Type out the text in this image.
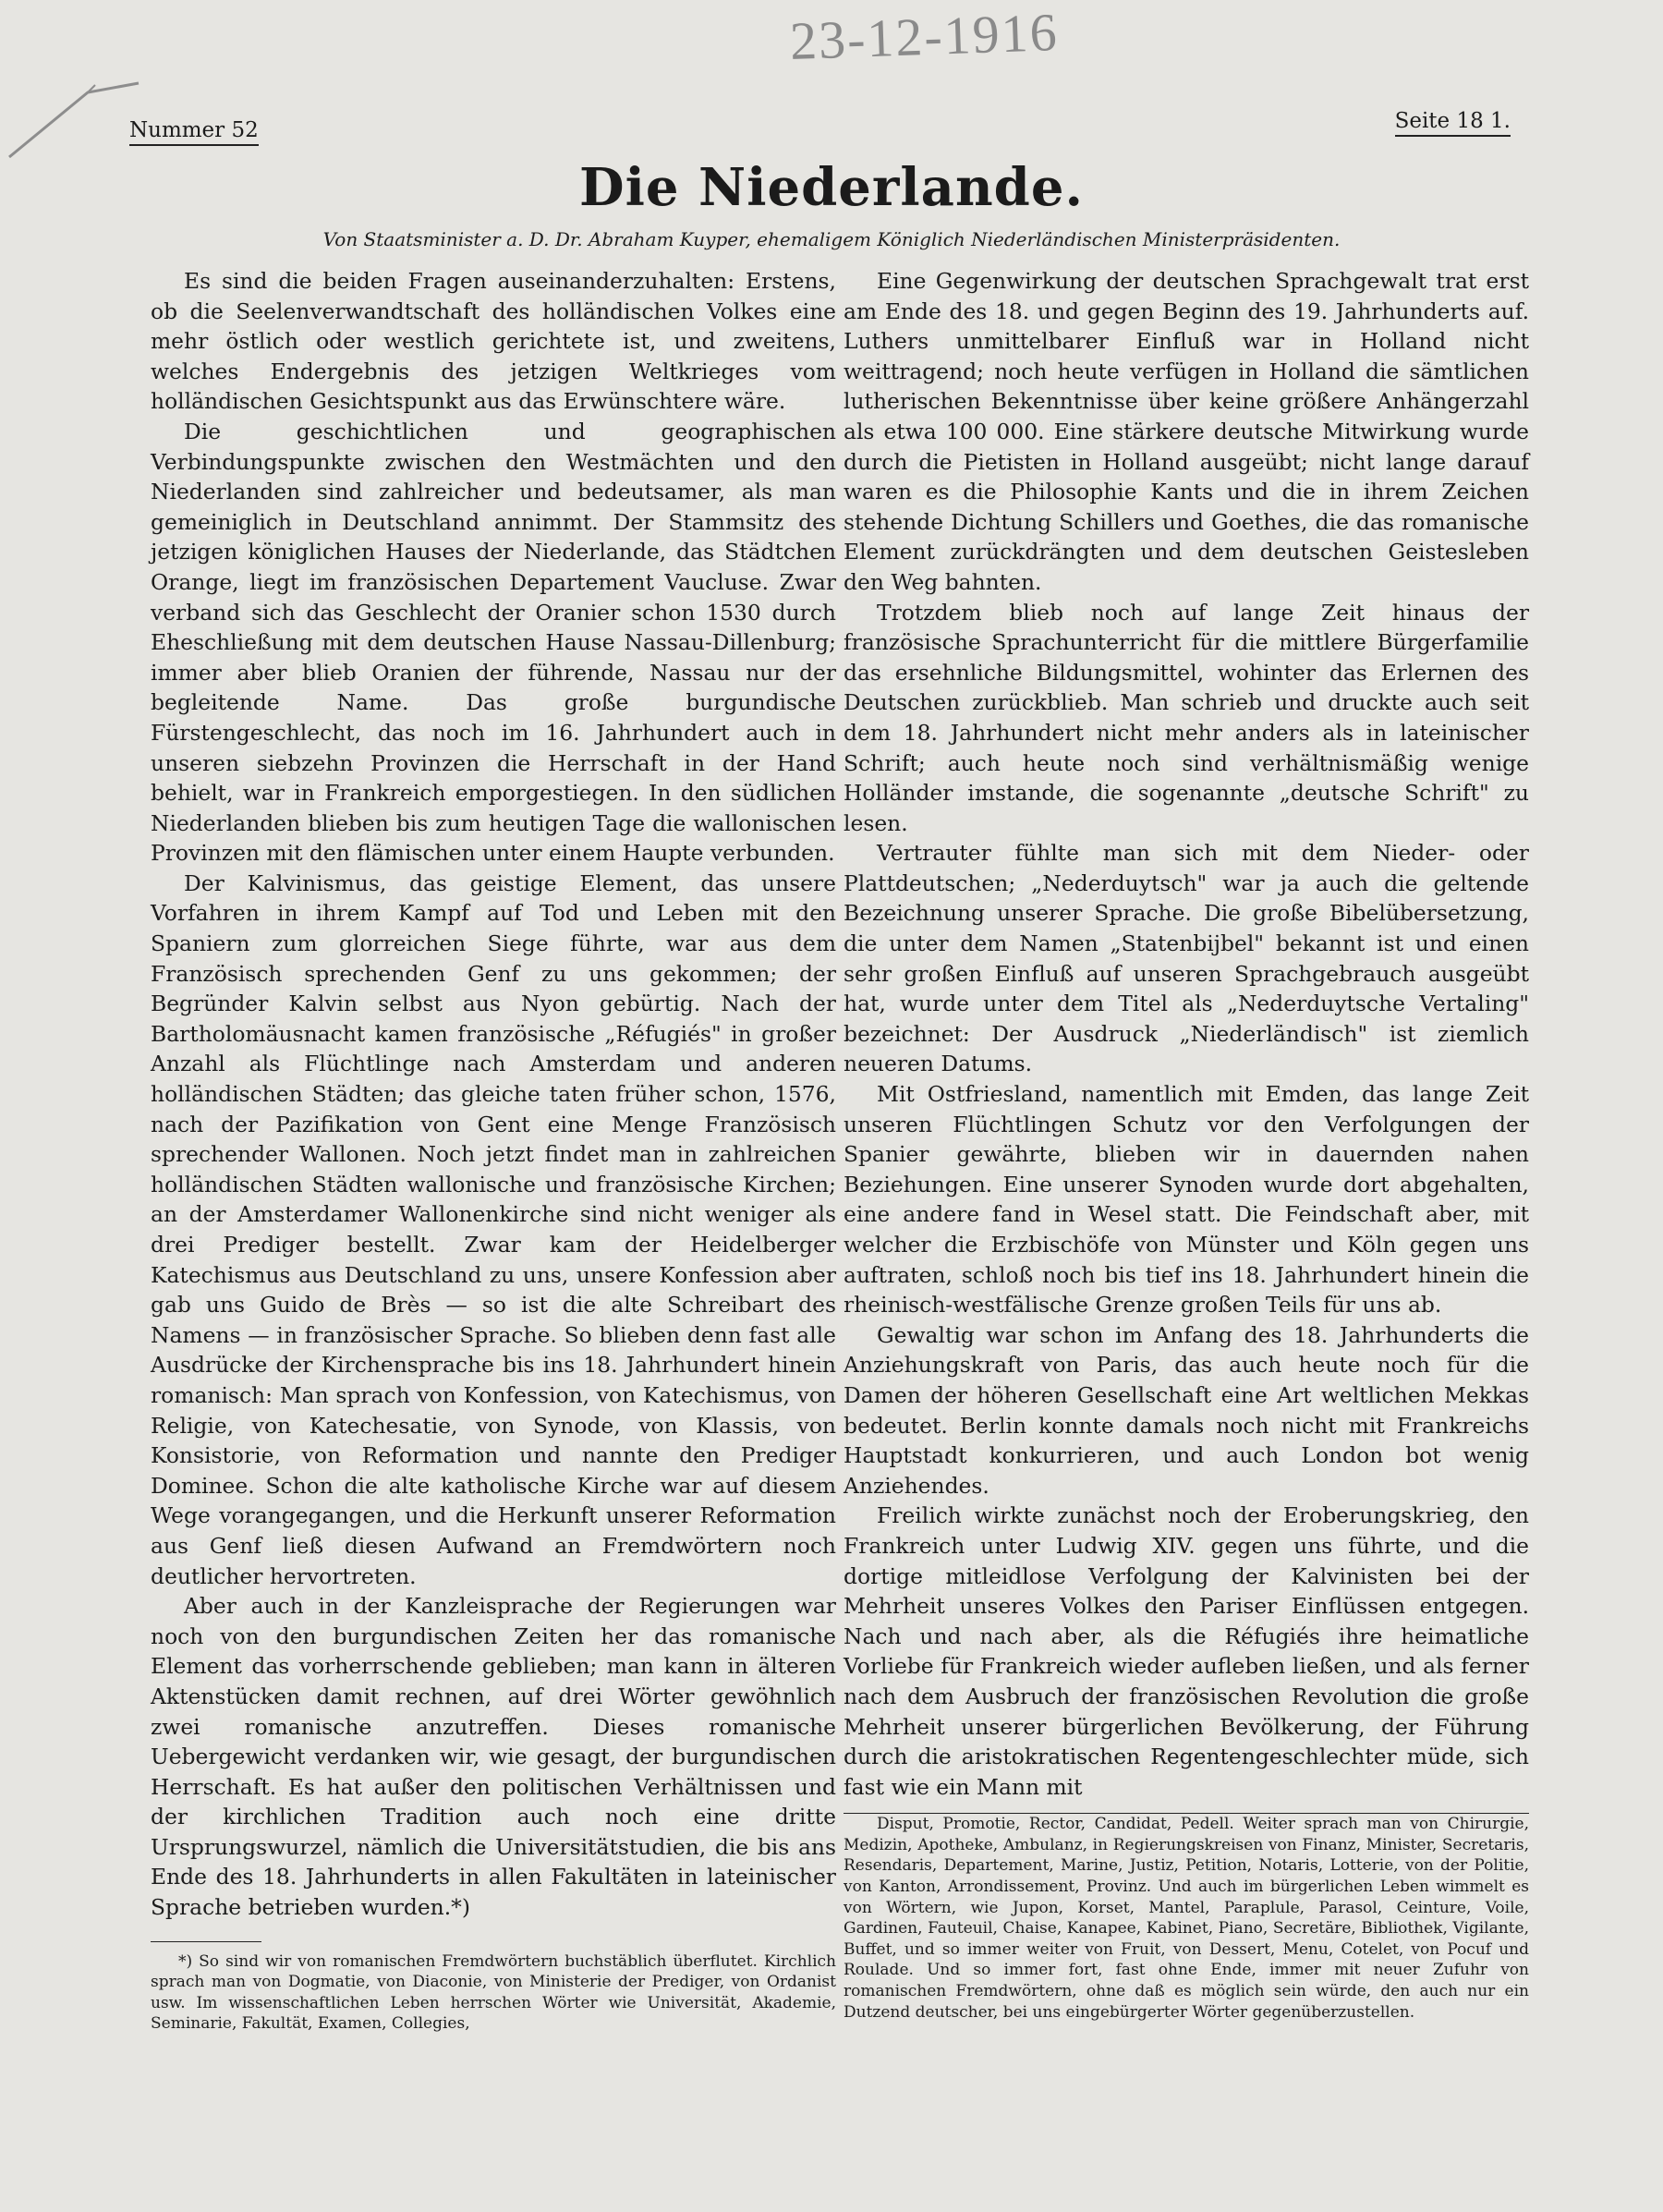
23-12-1916
Nummer 52	Seite 18 1.
Die Niederlande.
Von Staatsminister a. D. Dr. Abraham Kuyper, ehemaligem Königlich Niederländischen Ministerpräsidenten.

Es sind die beiden Fragen auseinanderzuhalten: Erstens, ob die Seelenverwandtschaft des holländischen Volkes eine mehr östlich oder westlich gerichtete ist, und zweitens, welches Endergebnis des jetzigen Weltkrieges vom holländischen Gesichtspunkt aus das Erwünschtere wäre.

Die geschichtlichen und geographischen Verbindungspunkte zwischen den Westmächten und den Niederlanden sind zahlreicher und bedeutsamer, als man gemeiniglich in Deutschland annimmt. Der Stammsitz des jetzigen königlichen Hauses der Niederlande, das Städtchen Orange, liegt im französischen Departement Vaucluse. Zwar verband sich das Geschlecht der Oranier schon 1530 durch Eheschließung mit dem deutschen Hause Nassau-Dillenburg; immer aber blieb Oranien der führende, Nassau nur der begleitende Name. Das große burgundische Fürstengeschlecht, das noch im 16. Jahrhundert auch in unseren siebzehn Provinzen die Herrschaft in der Hand behielt, war in Frankreich emporgestiegen. In den südlichen Niederlanden blieben bis zum heutigen Tage die wallonischen Provinzen mit den flämischen unter einem Haupte verbunden.

Der Kalvinismus, das geistige Element, das unsere Vorfahren in ihrem Kampf auf Tod und Leben mit den Spaniern zum glorreichen Siege führte, war aus dem Französisch sprechenden Genf zu uns gekommen; der Begründer Kalvin selbst aus Nyon gebürtig. Nach der Bartholomäusnacht kamen französische „Réfugiés" in großer Anzahl als Flüchtlinge nach Amsterdam und anderen holländischen Städten; das gleiche taten früher schon, 1576, nach der Pazifikation von Gent eine Menge Französisch sprechender Wallonen. Noch jetzt findet man in zahlreichen holländischen Städten wallonische und französische Kirchen; an der Amsterdamer Wallonenkirche sind nicht weniger als drei Prediger bestellt. Zwar kam der Heidelberger Katechismus aus Deutschland zu uns, unsere Konfession aber gab uns Guido de Brès — so ist die alte Schreibart des Namens — in französischer Sprache. So blieben denn fast alle Ausdrücke der Kirchensprache bis ins 18. Jahrhundert hinein romanisch: Man sprach von Konfession, von Katechismus, von Religie, von Katechesatie, von Synode, von Klassis, von Konsistorie, von Reformation und nannte den Prediger Dominee. Schon die alte katholische Kirche war auf diesem Wege vorangegangen, und die Herkunft unserer Reformation aus Genf ließ diesen Aufwand an Fremdwörtern noch deutlicher hervortreten.

Aber auch in der Kanzleisprache der Regierungen war noch von den burgundischen Zeiten her das romanische Element das vorherrschende geblieben; man kann in älteren Aktenstücken damit rechnen, auf drei Wörter gewöhnlich zwei romanische anzutreffen. Dieses romanische Uebergewicht verdanken wir, wie gesagt, der burgundischen Herrschaft. Es hat außer den politischen Verhältnissen und der kirchlichen Tradition auch noch eine dritte Ursprungswurzel, nämlich die Universitätstudien, die bis ans Ende des 18. Jahrhunderts in allen Fakultäten in lateinischer Sprache betrieben wurden.*)

*) So sind wir von romanischen Fremdwörtern buchstäblich überflutet. Kirchlich sprach man von Dogmatie, von Diaconie, von Ministerie der Prediger, von Ordanist usw. Im wissenschaftlichen Leben herrschen Wörter wie Universität, Akademie, Seminarie, Fakultät, Examen, Collegies,

Eine Gegenwirkung der deutschen Sprachgewalt trat erst am Ende des 18. und gegen Beginn des 19. Jahrhunderts auf. Luthers unmittelbarer Einfluß war in Holland nicht weittragend; noch heute verfügen in Holland die sämtlichen lutherischen Bekenntnisse über keine größere Anhängerzahl als etwa 100 000. Eine stärkere deutsche Mitwirkung wurde durch die Pietisten in Holland ausgeübt; nicht lange darauf waren es die Philosophie Kants und die in ihrem Zeichen stehende Dichtung Schillers und Goethes, die das romanische Element zurückdrängten und dem deutschen Geistesleben den Weg bahnten.

Trotzdem blieb noch auf lange Zeit hinaus der französische Sprachunterricht für die mittlere Bürgerfamilie das ersehnliche Bildungsmittel, wohinter das Erlernen des Deutschen zurückblieb. Man schrieb und druckte auch seit dem 18. Jahrhundert nicht mehr anders als in lateinischer Schrift; auch heute noch sind verhältnismäßig wenige Holländer imstande, die sogenannte „deutsche Schrift" zu lesen.

Vertrauter fühlte man sich mit dem Nieder- oder Plattdeutschen; „Nederduytsch" war ja auch die geltende Bezeichnung unserer Sprache. Die große Bibelübersetzung, die unter dem Namen „Statenbijbel" bekannt ist und einen sehr großen Einfluß auf unseren Sprachgebrauch ausgeübt hat, wurde unter dem Titel als „Nederduytsche Vertaling" bezeichnet: Der Ausdruck „Niederländisch" ist ziemlich neueren Datums.

Mit Ostfriesland, namentlich mit Emden, das lange Zeit unseren Flüchtlingen Schutz vor den Verfolgungen der Spanier gewährte, blieben wir in dauernden nahen Beziehungen. Eine unserer Synoden wurde dort abgehalten, eine andere fand in Wesel statt. Die Feindschaft aber, mit welcher die Erzbischöfe von Münster und Köln gegen uns auftraten, schloß noch bis tief ins 18. Jahrhundert hinein die rheinisch-westfälische Grenze großen Teils für uns ab.

Gewaltig war schon im Anfang des 18. Jahrhunderts die Anziehungskraft von Paris, das auch heute noch für die Damen der höheren Gesellschaft eine Art weltlichen Mekkas bedeutet. Berlin konnte damals noch nicht mit Frankreichs Hauptstadt konkurrieren, und auch London bot wenig Anziehendes.

Freilich wirkte zunächst noch der Eroberungskrieg, den Frankreich unter Ludwig XIV. gegen uns führte, und die dortige mitleidlose Verfolgung der Kalvinisten bei der Mehrheit unseres Volkes den Pariser Einflüssen entgegen. Nach und nach aber, als die Réfugiés ihre heimatliche Vorliebe für Frankreich wieder aufleben ließen, und als ferner nach dem Ausbruch der französischen Revolution die große Mehrheit unserer bürgerlichen Bevölkerung, der Führung durch die aristokratischen Regentengeschlechter müde, sich fast wie ein Mann mit

Disput, Promotie, Rector, Candidat, Pedell. Weiter sprach man von Chirurgie, Medizin, Apotheke, Ambulanz, in Regierungskreisen von Finanz, Minister, Secretaris, Resendaris, Departement, Marine, Justiz, Petition, Notaris, Lotterie, von der Politie, von Kanton, Arrondissement, Provinz. Und auch im bürgerlichen Leben wimmelt es von Wörtern, wie Jupon, Korset, Mantel, Paraplule, Parasol, Ceinture, Voile, Gardinen, Fauteuil, Chaise, Kanapee, Kabinet, Piano, Secretäre, Bibliothek, Vigilante, Buffet, und so immer weiter von Fruit, von Dessert, Menu, Cotelet, von Pocuf und Roulade. Und so immer fort, fast ohne Ende, immer mit neuer Zufuhr von romanischen Fremdwörtern, ohne daß es möglich sein würde, den auch nur ein Dutzend deutscher, bei uns eingebürgerter Wörter gegenüberzustellen.
